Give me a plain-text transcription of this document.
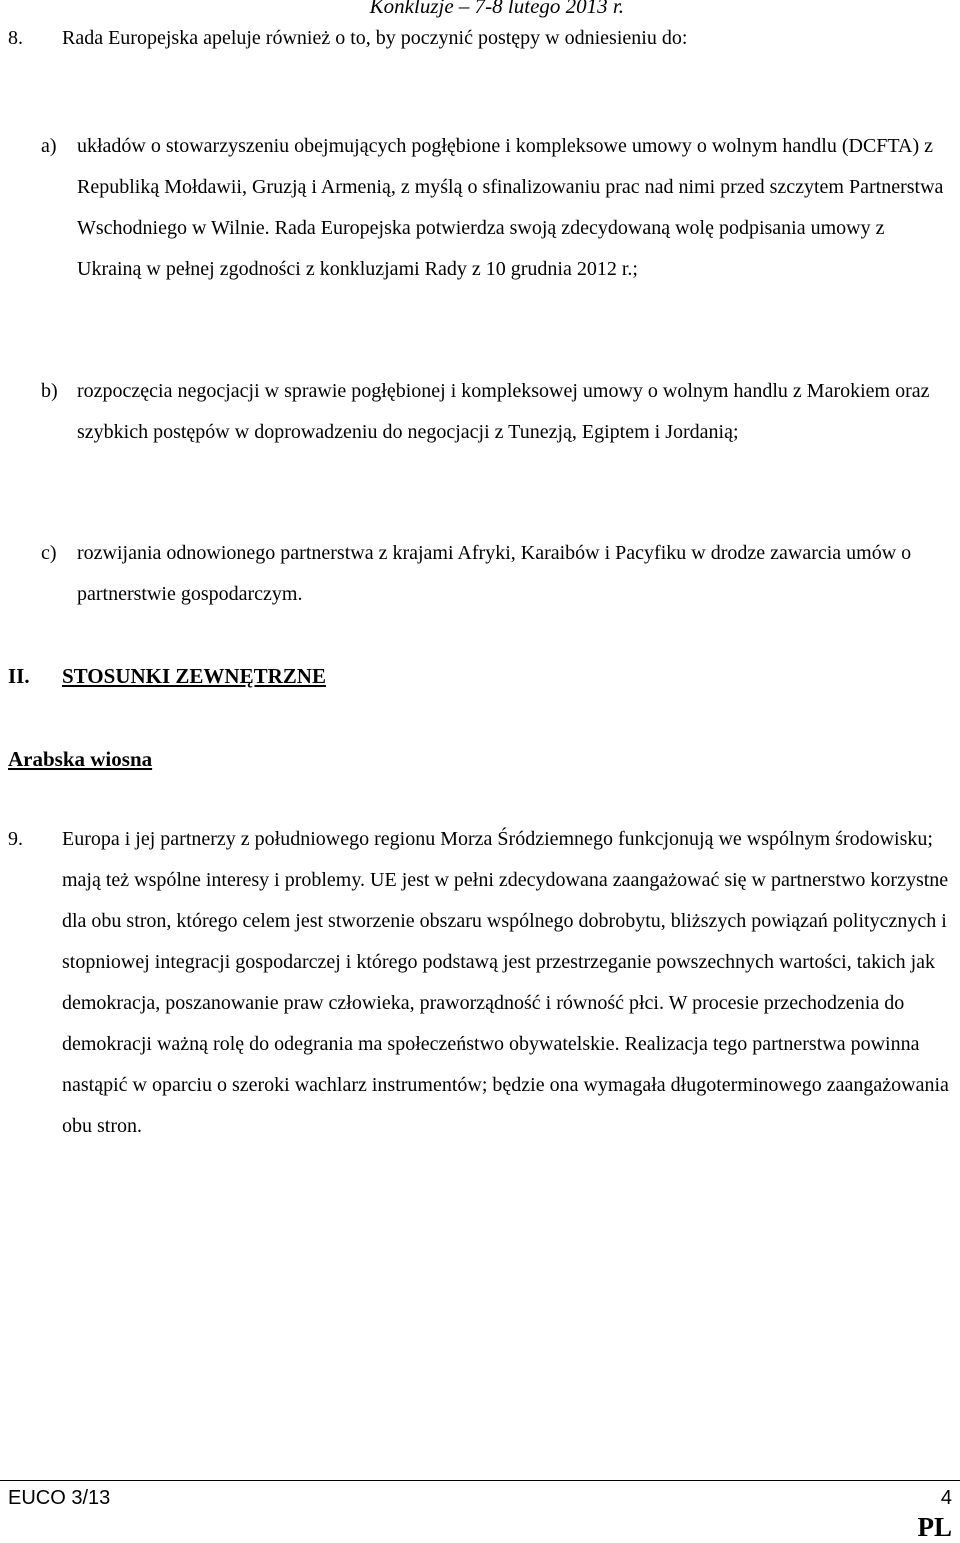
Konkluzje – 7-8 lutego 2013 r.
8. Rada Europejska apeluje również o to, by poczynić postępy w odniesieniu do:

a) układów o stowarzyszeniu obejmujących pogłębione i kompleksowe umowy o wolnym handlu (DCFTA) z Republiką Mołdawii, Gruzją i Armenią, z myślą o sfinalizowaniu prac nad nimi przed szczytem Partnerstwa Wschodniego w Wilnie. Rada Europejska potwierdza swoją zdecydowaną wolę podpisania umowy z Ukrainą w pełnej zgodności z konkluzjami Rady z 10 grudnia 2012 r.;

b) rozpoczęcia negocjacji w sprawie pogłębionej i kompleksowej umowy o wolnym handlu z Marokiem oraz szybkich postępów w doprowadzeniu do negocjacji z Tunezją, Egiptem i Jordanią;

c) rozwijania odnowionego partnerstwa z krajami Afryki, Karaibów i Pacyfiku w drodze zawarcia umów o partnerstwie gospodarczym.

II. STOSUNKI ZEWNĘTRZNE
Arabska wiosna
9. Europa i jej partnerzy z południowego regionu Morza Śródziemnego funkcjonują we wspólnym środowisku; mają też wspólne interesy i problemy. UE jest w pełni zdecydowana zaangażować się w partnerstwo korzystne dla obu stron, którego celem jest stworzenie obszaru wspólnego dobrobytu, bliższych powiązań politycznych i stopniowej integracji gospodarczej i którego podstawą jest przestrzeganie powszechnych wartości, takich jak demokracja, poszanowanie praw człowieka, praworządność i równość płci. W procesie przechodzenia do demokracji ważną rolę do odegrania ma społeczeństwo obywatelskie. Realizacja tego partnerstwa powinna nastąpić w oparciu o szeroki wachlarz instrumentów; będzie ona wymagała długoterminowego zaangażowania obu stron.

EUCO 3/13	4
PL
